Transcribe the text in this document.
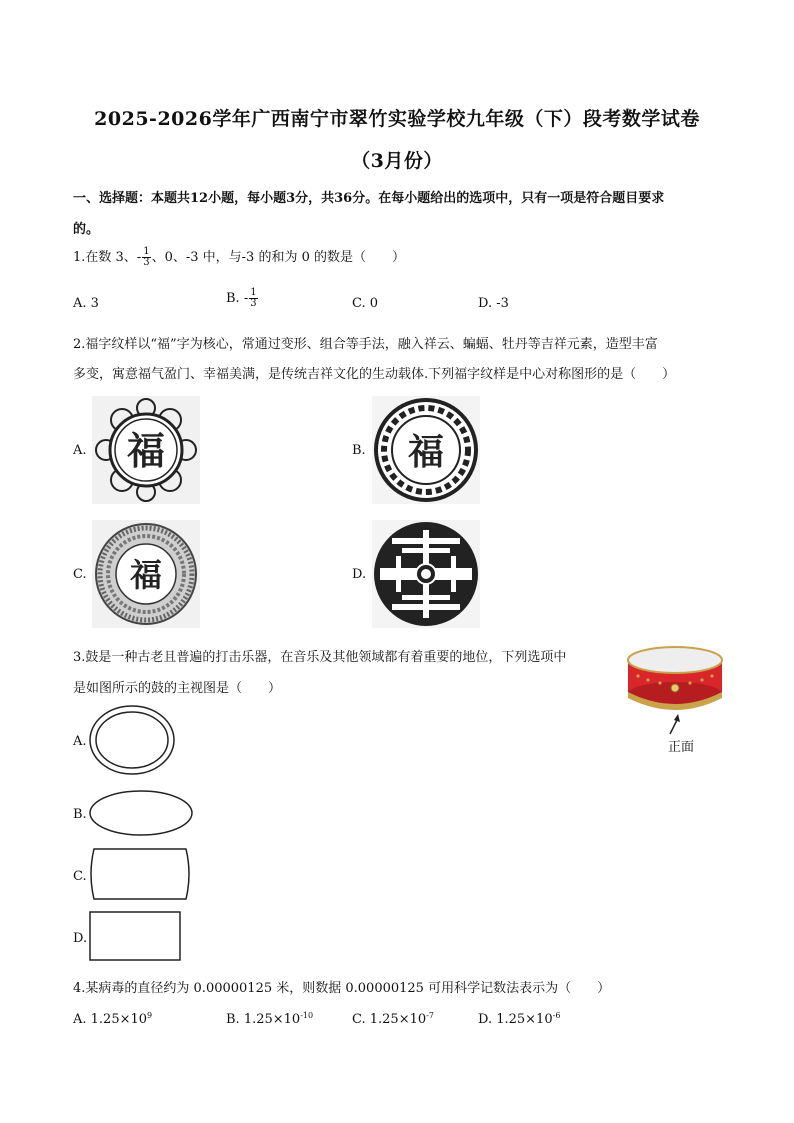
2025-2026学年广西南宁市翠竹实验学校九年级（下）段考数学试卷
（3月份）
一、选择题：本题共12小题，每小题3分，共36分。在每小题给出的选项中，只有一项是符合题目要求
的。
1.在数 3、- $\frac{1}{3}$ 、0、-3 中，与-3 的和为 0 的数是（　　）
A. 3	B. - $\frac{1}{3}$	C. 0	D. -3
2.福字纹样以“福”字为核心，常通过变形、组合等手法，融入祥云、蝙蝠、牡丹等吉祥元素，造型丰富
多变，寓意福气盈门、幸福美满，是传统吉祥文化的生动载体.下列福字纹样是中心对称图形的是（　　）
A. 福	B. 福
C. 福	D.
3.鼓是一种古老且普遍的打击乐器，在音乐及其他领域都有着重要的地位，下列选项中
是如图所示的鼓的主视图是（　　）
正面
A.
B.
C.
D.
4.某病毒的直径约为 0.00000125 米，则数据 0.00000125 可用科学记数法表示为（　　）
A. $1.25\times 10^9$	B. $1.25\times 10^{-10}$	C. $1.25\times 10^{-7}$	D. $1.25\times 10^{-6}$
